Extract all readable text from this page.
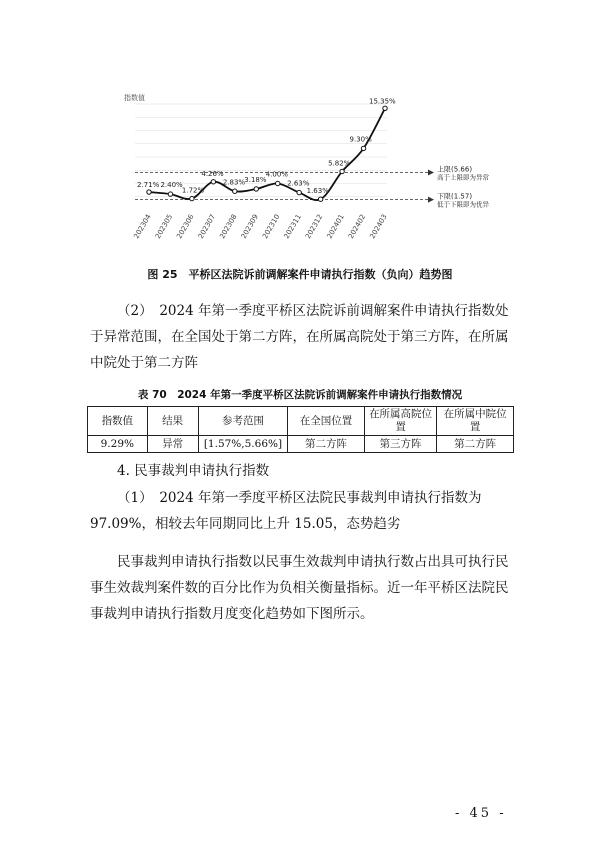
指数值
上限(5.66)
高于上限即为异常
下限(1.57)
低于下限即为优异
2.71%
202304
2.40%
202305
1.72%
202306
4.26%
202307
2.83%
202308
3.18%
202309
4.00%
202310
2.63%
202311
1.63%
202312
5.82%
202401
9.30%
202402
15.35%
202403
图 25　平桥区法院诉前调解案件申请执行指数（负向）趋势图
（2）　2024 年第一季度平桥区法院诉前调解案件申请执行指数处于异常范围，在全国处于第二方阵，在所属高院处于第三方阵，在所属中院处于第二方阵
表 70　2024 年第一季度平桥区法院诉前调解案件申请执行指数情况
指数值	结果	参考范围	在全国位置	在所属高院位置	在所属中院位置
9.29%	异常	[1.57%,5.66%]	第二方阵	第三方阵	第二方阵
4. 民事裁判申请执行指数
（1）　2024 年第一季度平桥区法院民事裁判申请执行指数为 97.09%，相较去年同期同比上升 15.05，态势趋劣
民事裁判申请执行指数以民事生效裁判申请执行数占出具可执行民事生效裁判案件数的百分比作为负相关衡量指标。近一年平桥区法院民事裁判申请执行指数月度变化趋势如下图所示。
- 45 -
